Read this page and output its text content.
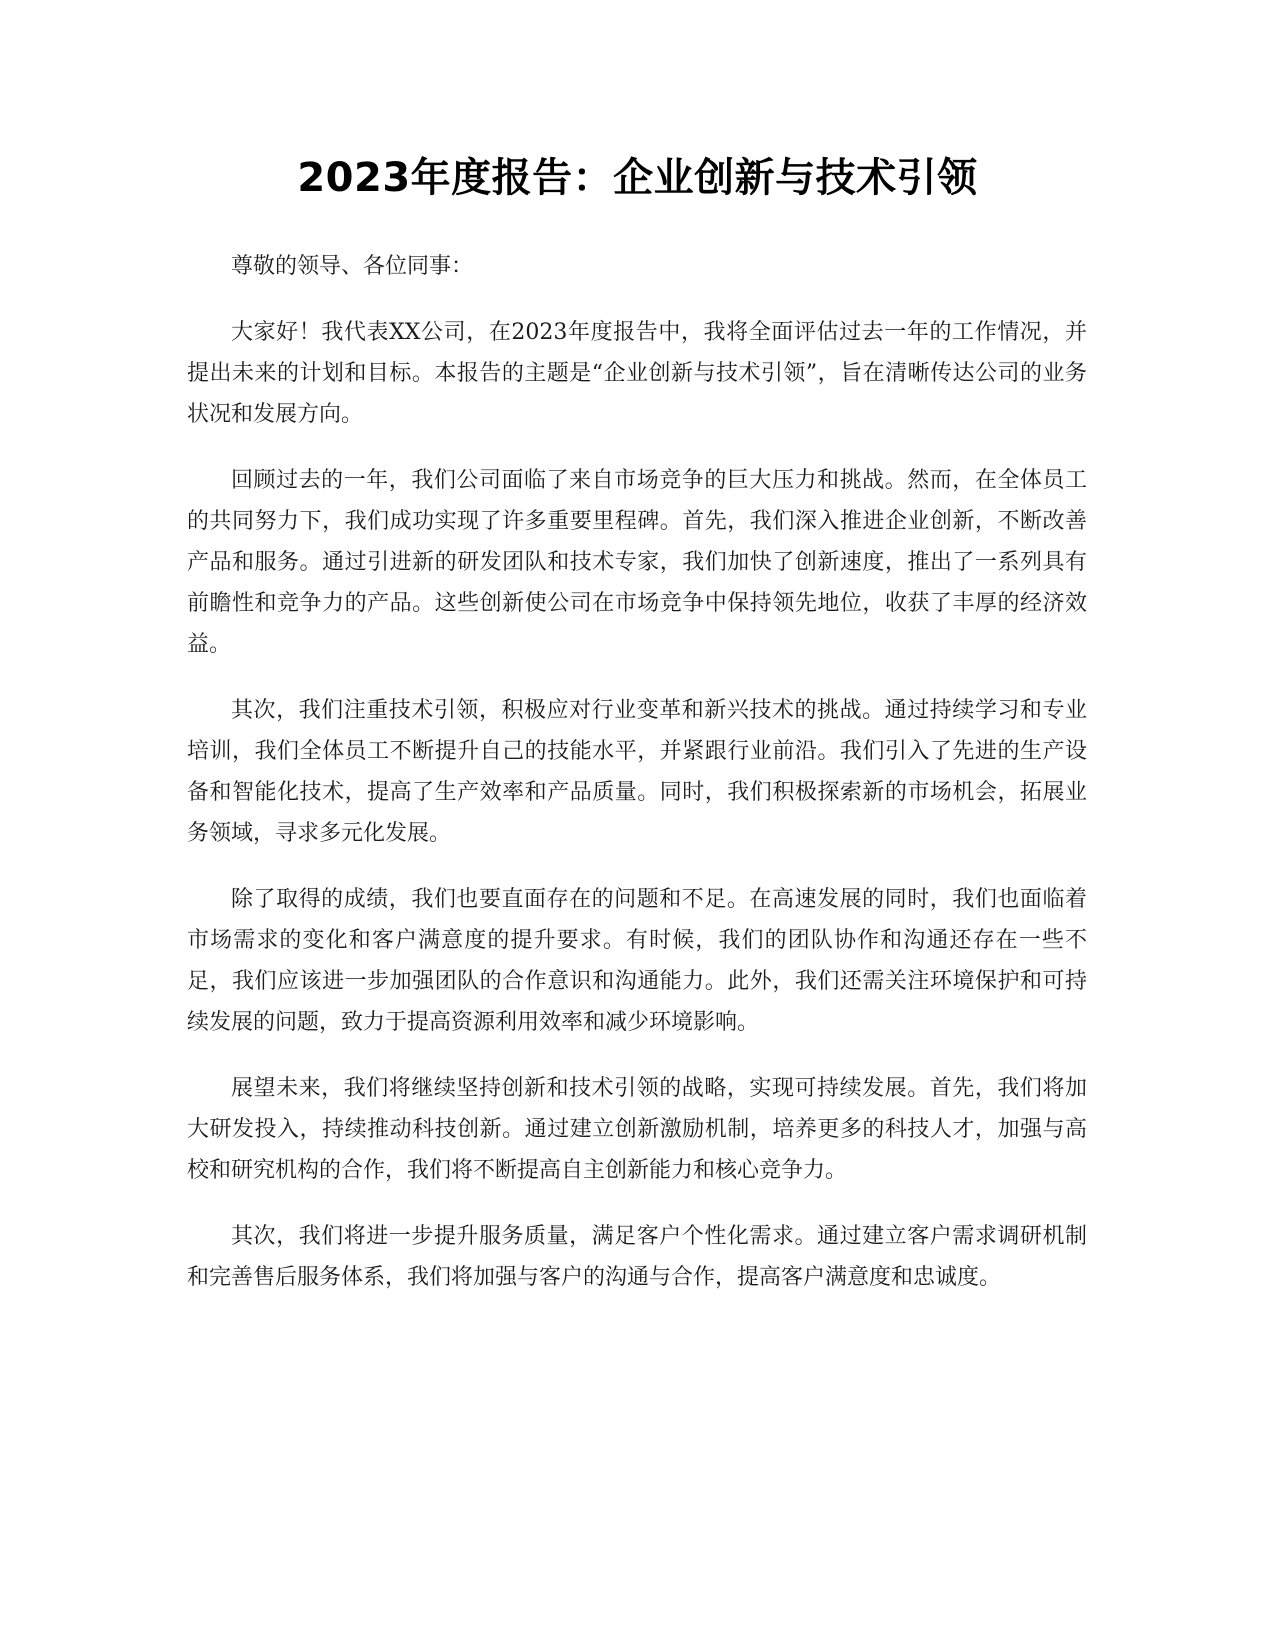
2023年度报告：企业创新与技术引领

尊敬的领导、各位同事：

大家好！我代表XX公司，在2023年度报告中，我将全面评估过去一年的工作情况，并提出未来的计划和目标。本报告的主题是“企业创新与技术引领”，旨在清晰传达公司的业务状况和发展方向。

回顾过去的一年，我们公司面临了来自市场竞争的巨大压力和挑战。然而，在全体员工的共同努力下，我们成功实现了许多重要里程碑。首先，我们深入推进企业创新，不断改善产品和服务。通过引进新的研发团队和技术专家，我们加快了创新速度，推出了一系列具有前瞻性和竞争力的产品。这些创新使公司在市场竞争中保持领先地位，收获了丰厚的经济效益。

其次，我们注重技术引领，积极应对行业变革和新兴技术的挑战。通过持续学习和专业培训，我们全体员工不断提升自己的技能水平，并紧跟行业前沿。我们引入了先进的生产设备和智能化技术，提高了生产效率和产品质量。同时，我们积极探索新的市场机会，拓展业务领域，寻求多元化发展。

除了取得的成绩，我们也要直面存在的问题和不足。在高速发展的同时，我们也面临着市场需求的变化和客户满意度的提升要求。有时候，我们的团队协作和沟通还存在一些不足，我们应该进一步加强团队的合作意识和沟通能力。此外，我们还需关注环境保护和可持续发展的问题，致力于提高资源利用效率和减少环境影响。

展望未来，我们将继续坚持创新和技术引领的战略，实现可持续发展。首先，我们将加大研发投入，持续推动科技创新。通过建立创新激励机制，培养更多的科技人才，加强与高校和研究机构的合作，我们将不断提高自主创新能力和核心竞争力。

其次，我们将进一步提升服务质量，满足客户个性化需求。通过建立客户需求调研机制和完善售后服务体系，我们将加强与客户的沟通与合作，提高客户满意度和忠诚度。
